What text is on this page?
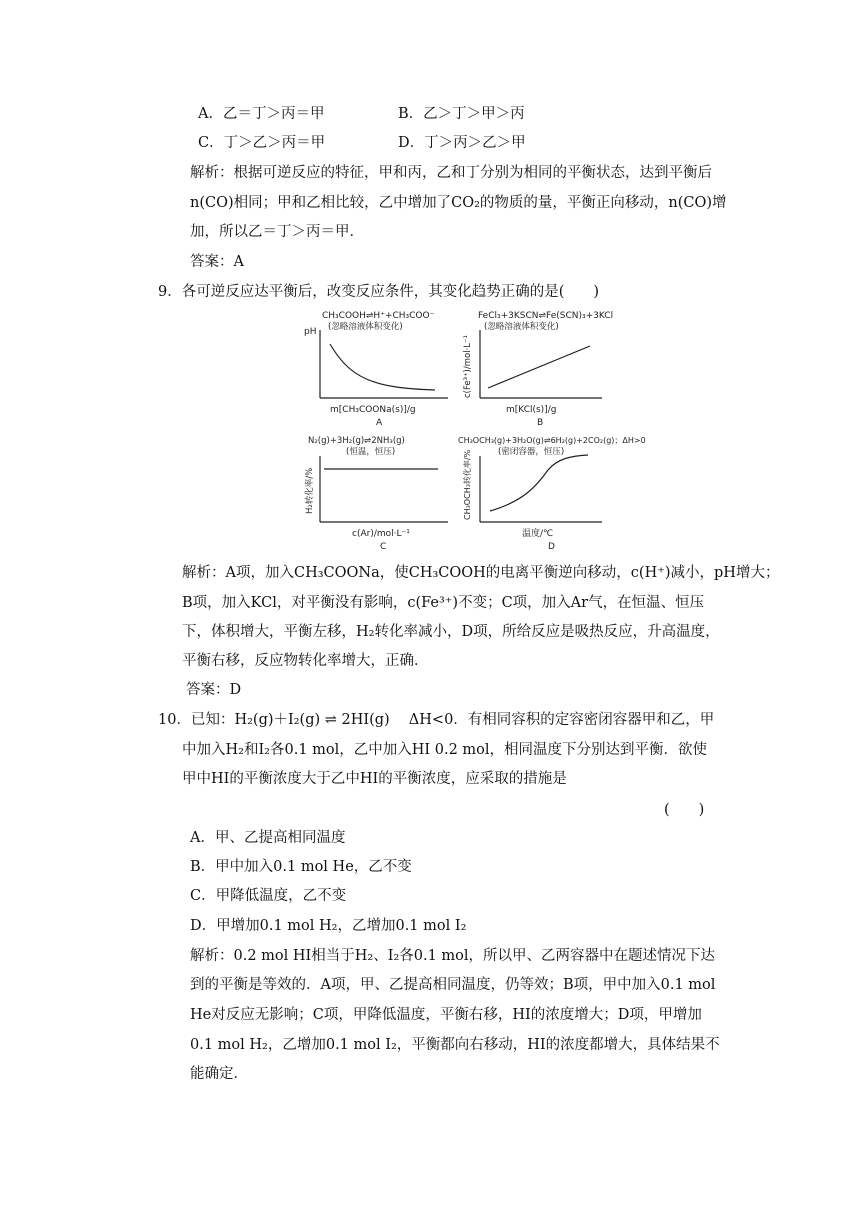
A．乙＝丁＞丙＝甲	B．乙＞丁＞甲＞丙
C．丁＞乙＞丙＝甲	D．丁＞丙＞乙＞甲
解析：根据可逆反应的特征，甲和丙，乙和丁分别为相同的平衡状态，达到平衡后
n(CO)相同；甲和乙相比较，乙中增加了CO₂的物质的量，平衡正向移动，n(CO)增
加，所以乙＝丁＞丙＝甲．
答案：A
9．各可逆反应达平衡后，改变反应条件，其变化趋势正确的是(　　)
CH₃COOH⇌H⁺+CH₃COO⁻
(忽略溶液体积变化)
pH
m[CH₃COONa(s)]/g
A
FeCl₃+3KSCN⇌Fe(SCN)₃+3KCl
(忽略溶液体积变化)
c(Fe³⁺)/mol·L⁻¹
m[KCl(s)]/g
B
N₂(g)+3H₂(g)⇌2NH₃(g)
(恒温，恒压)
H₂转化率/%
c(Ar)/mol·L⁻¹
C
CH₃OCH₃(g)+3H₂O(g)⇌6H₂(g)+2CO₂(g)；ΔH>0
(密闭容器，恒压)
CH₃OCH₃转化率/%
温度/℃
D
解析：A项，加入CH₃COONa，使CH₃COOH的电离平衡逆向移动，c(H⁺)减小，pH增大；
B项，加入KCl，对平衡没有影响，c(Fe³⁺)不变；C项，加入Ar气，在恒温、恒压
下，体积增大，平衡左移，H₂转化率减小，D项，所给反应是吸热反应，升高温度，
平衡右移，反应物转化率增大，正确．
答案：D
10．已知：H₂(g)＋I₂(g) ⇌ 2HI(g)　 ΔH<0．有相同容积的定容密闭容器甲和乙，甲
中加入H₂和I₂各0.1 mol，乙中加入HI 0.2 mol，相同温度下分别达到平衡．欲使
甲中HI的平衡浓度大于乙中HI的平衡浓度，应采取的措施是
(　　)
A．甲、乙提高相同温度
B．甲中加入0.1 mol He，乙不变
C．甲降低温度，乙不变
D．甲增加0.1 mol H₂，乙增加0.1 mol I₂
解析：0.2 mol HI相当于H₂、I₂各0.1 mol，所以甲、乙两容器中在题述情况下达
到的平衡是等效的．A项，甲、乙提高相同温度，仍等效；B项，甲中加入0.1 mol
He对反应无影响；C项，甲降低温度，平衡右移，HI的浓度增大；D项，甲增加
0.1 mol H₂，乙增加0.1 mol I₂，平衡都向右移动，HI的浓度都增大，具体结果不
能确定．
